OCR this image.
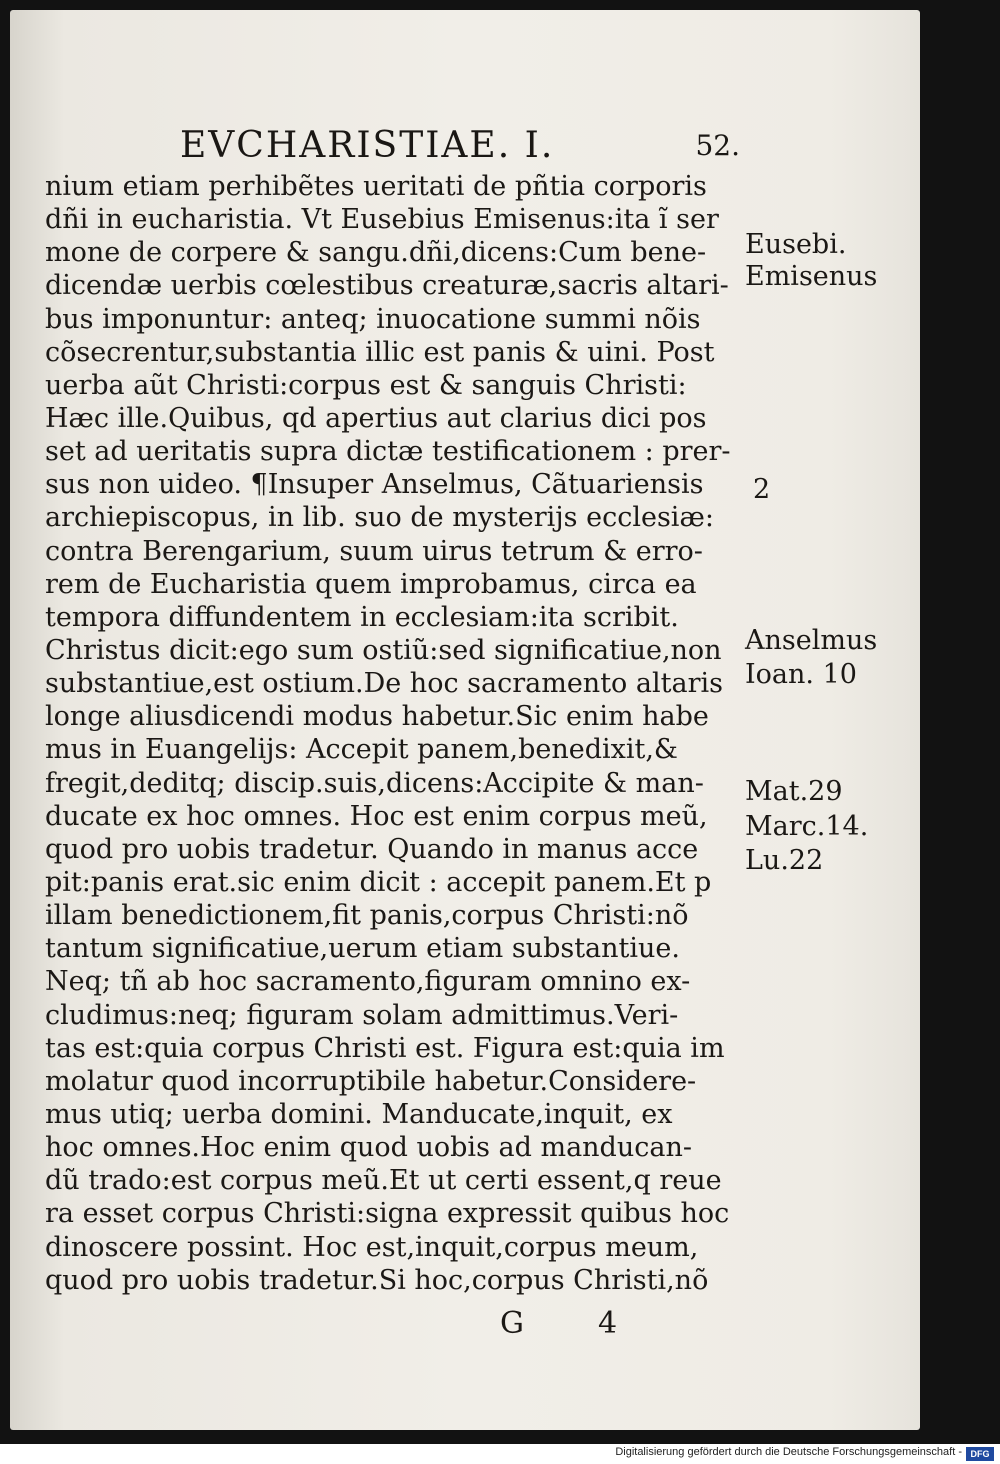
EVCHARISTIAE. I.	52.
nium etiam perhibẽtes ueritati de pñtia corporis
dñi in eucharistia. Vt Eusebius Emisenus:ita ĩ ser
mone de corpere & sangu.dñi,dicens:Cum bene-
dicendæ uerbis cœlestibus creaturæ,sacris altari-
bus imponuntur: anteq; inuocatione summi nõis
cõsecrentur,substantia illic est panis & uini. Post
uerba aũt Christi:corpus est & sanguis Christi:
Hæc ille.Quibus, qd apertius aut clarius dici pos
set ad ueritatis supra dictæ testificationem : prer-
sus non uideo. ¶Insuper Anselmus, Cãtuariensis
archiepiscopus, in lib. suo de mysterijs ecclesiæ:
contra Berengarium, suum uirus tetrum & erro-
rem de Eucharistia quem improbamus, circa ea
tempora diffundentem in ecclesiam:ita scribit.
Christus dicit:ego sum ostiũ:sed significatiue,non
substantiue,est ostium.De hoc sacramento altaris
longe aliusdicendi modus habetur.Sic enim habe
mus in Euangelijs: Accepit panem,benedixit,&
fregit,deditq; discip.suis,dicens:Accipite & man-
ducate ex hoc omnes. Hoc est enim corpus meũ,
quod pro uobis tradetur. Quando in manus acce
pit:panis erat.sic enim dicit : accepit panem.Et p
illam benedictionem,fit panis,corpus Christi:nõ
tantum significatiue,uerum etiam substantiue.
Neq; tñ ab hoc sacramento,figuram omnino ex-
cludimus:neq; figuram solam admittimus.Veri-
tas est:quia corpus Christi est. Figura est:quia im
molatur quod incorruptibile habetur.Considere-
mus utiq; uerba domini. Manducate,inquit, ex
hoc omnes.Hoc enim quod uobis ad manducan-
dũ trado:est corpus meũ.Et ut certi essent,q reue
ra esset corpus Christi:signa expressit quibus hoc
dinoscere possint. Hoc est,inquit,corpus meum,
quod pro uobis tradetur.Si hoc,corpus Christi,nõ
Eusebi.
Emisenus
2
Anselmus
Ioan. 10
Mat.29
Marc.14.
Lu.22
G 4
Digitalisierung gefördert durch die Deutsche Forschungsgemeinschaft - DFG
